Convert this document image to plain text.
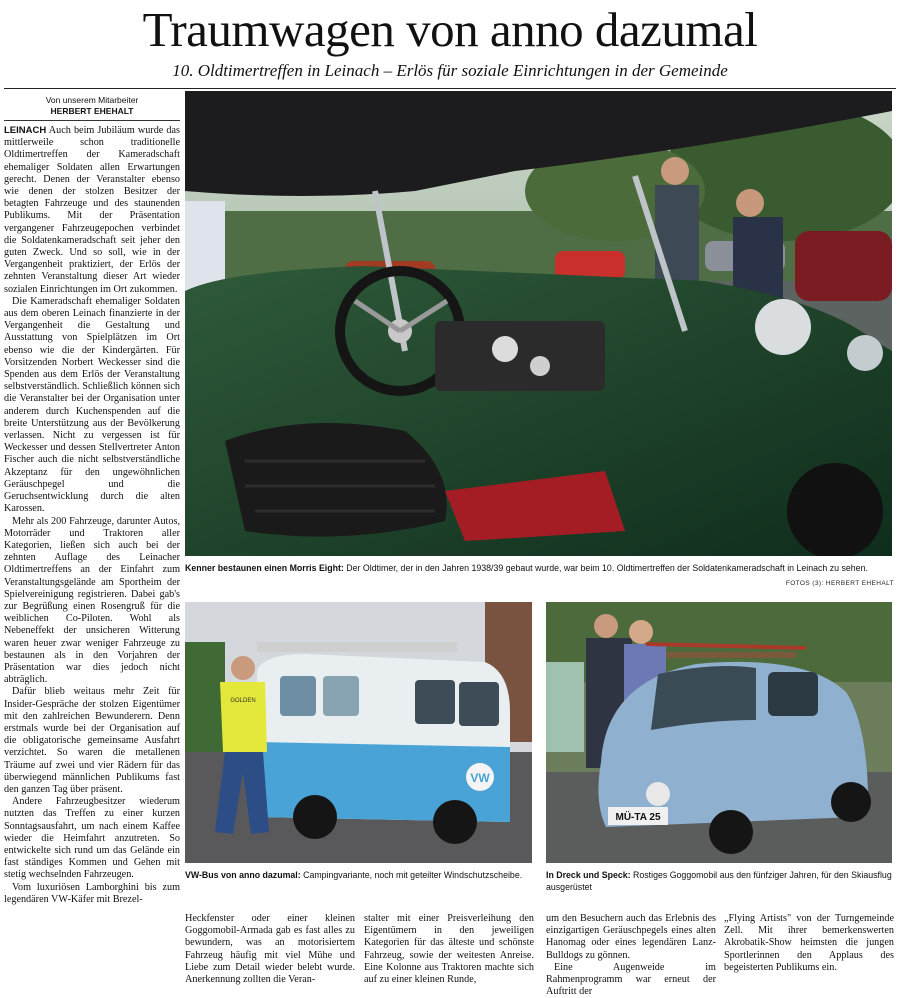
Traumwagen von anno dazumal
10. Oldtimertreffen in Leinach – Erlös für soziale Einrichtungen in der Gemeinde
Von unserem Mitarbeiter
HERBERT EHEHALT

LEINACH Auch beim Jubiläum wurde das mittlerweile schon traditionelle Oldtimertreffen der Kameradschaft ehemaliger Soldaten allen Erwartungen gerecht. Denen der Veranstalter ebenso wie denen der stolzen Besitzer der betagten Fahrzeuge und des staunenden Publikums. Mit der Präsentation vergangener Fahrzeugepochen verbindet die Soldatenkameradschaft seit jeher den guten Zweck. Und so soll, wie in der Vergangenheit praktiziert, der Erlös der zehnten Veranstaltung dieser Art wieder sozialen Einrichtungen im Ort zukommen.

Die Kameradschaft ehemaliger Soldaten aus dem oberen Leinach finanzierte in der Vergangenheit die Gestaltung und Ausstattung von Spielplätzen im Ort ebenso wie die der Kindergärten. Für Vorsitzenden Norbert Weckesser sind die Spenden aus dem Erlös der Veranstaltung selbstverständlich. Schließlich können sich die Veranstalter bei der Organisation unter anderem durch Kuchenspenden auf die breite Unterstützung aus der Bevölkerung verlassen. Nicht zu vergessen ist für Weckesser und dessen Stellvertreter Anton Fischer auch die nicht selbstverständliche Akzeptanz für den ungewöhnlichen Geräuschpegel und die Geruchsentwicklung durch die alten Karossen.

Mehr als 200 Fahrzeuge, darunter Autos, Motorräder und Traktoren aller Kategorien, ließen sich auch bei der zehnten Auflage des Leinacher Oldtimertreffens an der Einfahrt zum Veranstaltungsgelände am Sportheim der Spielvereinigung registrieren. Dabei gab's zur Begrüßung einen Rosengruß für die weiblichen Co-Piloten. Wohl als Nebeneffekt der unsicheren Witterung waren heuer zwar weniger Fahrzeuge zu bestaunen als in den Vorjahren der Präsentation war dies jedoch nicht abträglich.

Dafür blieb weitaus mehr Zeit für Insider-Gespräche der stolzen Eigentümer mit den zahlreichen Bewunderern. Denn erstmals wurde bei der Organisation auf die obligatorische gemeinsame Ausfahrt verzichtet. So waren die metallenen Träume auf zwei und vier Rädern für das überwiegend männlichen Publikums fast den ganzen Tag über präsent.

Andere Fahrzeugbesitzer wiederum nutzten das Treffen zu einer kurzen Sonntagsausfahrt, um nach einem Kaffee wieder die Heimfahrt anzutreten. So entwickelte sich rund um das Gelände ein fast ständiges Kommen und Gehen mit stetig wechselnden Fahrzeugen.

Vom luxuriösen Lamborghini bis zum legendären VW-Käfer mit Brezel-

Kenner bestaunen einen Morris Eight: Der Oldtimer, der in den Jahren 1938/39 gebaut wurde, war beim 10. Oldtimertreffen der Soldatenkameradschaft in Leinach zu sehen.
FOTOS (3): HERBERT EHEHALT
VW
GOLDEN
VW-Bus von anno dazumal: Campingvariante, noch mit geteilter Windschutzscheibe.
MÜ-TA 25
In Dreck und Speck: Rostiges Goggomobil aus den fünfziger Jahren, für den Skiausflug ausgerüstet

Heckfenster oder einer kleinen Goggomobil-Armada gab es fast alles zu bewundern, was an motorisiertem Fahrzeug häufig mit viel Mühe und Liebe zum Detail wieder belebt wurde. Anerkennung zollten die Veran-

stalter mit einer Preisverleihung den Eigentümern in den jeweiligen Kategorien für das älteste und schönste Fahrzeug, sowie der weitesten Anreise. Eine Kolonne aus Traktoren machte sich auf zu einer kleinen Runde,

um den Besuchern auch das Erlebnis des einzigartigen Geräuschpegels eines alten Hanomag oder eines legendären Lanz-Bulldogs zu gönnen.

Eine Augenweide im Rahmenprogramm war erneut der Auftritt der

„Flying Artists" von der Turngemeinde Zell. Mit ihrer bemerkenswerten Akrobatik-Show heimsten die jungen Sportlerinnen den Applaus des begeisterten Publikums ein.
